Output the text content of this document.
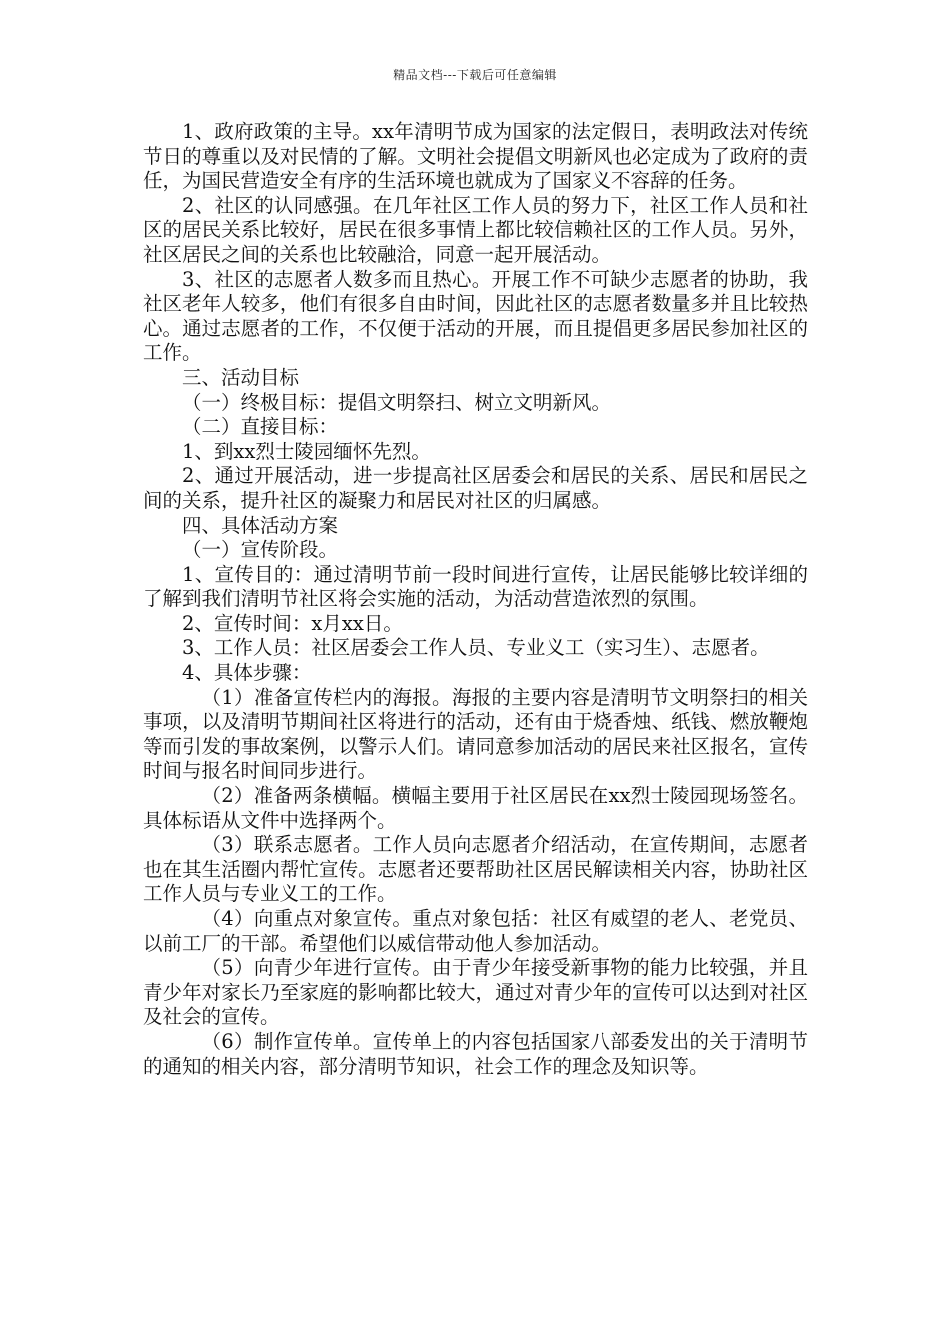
精品文档---下载后可任意编辑

1、政府政策的主导。xx年清明节成为国家的法定假日，表明政法对传统节日的尊重以及对民情的了解。文明社会提倡文明新风也必定成为了政府的责任，为国民营造安全有序的生活环境也就成为了国家义不容辞的任务。

2、社区的认同感强。在几年社区工作人员的努力下，社区工作人员和社区的居民关系比较好，居民在很多事情上都比较信赖社区的工作人员。另外，社区居民之间的关系也比较融洽，同意一起开展活动。

3、社区的志愿者人数多而且热心。开展工作不可缺少志愿者的协助，我社区老年人较多，他们有很多自由时间，因此社区的志愿者数量多并且比较热心。通过志愿者的工作，不仅便于活动的开展，而且提倡更多居民参加社区的工作。

三、活动目标

（一）终极目标：提倡文明祭扫、树立文明新风。

（二）直接目标：

1、到xx烈士陵园缅怀先烈。

2、通过开展活动，进一步提高社区居委会和居民的关系、居民和居民之间的关系，提升社区的凝聚力和居民对社区的归属感。

四、具体活动方案

（一）宣传阶段。

1、宣传目的：通过清明节前一段时间进行宣传，让居民能够比较详细的了解到我们清明节社区将会实施的活动，为活动营造浓烈的氛围。

2、宣传时间：x月xx日。

3、工作人员：社区居委会工作人员、专业义工（实习生）、志愿者。

4、具体步骤：

（1）准备宣传栏内的海报。海报的主要内容是清明节文明祭扫的相关事项，以及清明节期间社区将进行的活动，还有由于烧香烛、纸钱、燃放鞭炮等而引发的事故案例，以警示人们。请同意参加活动的居民来社区报名，宣传时间与报名时间同步进行。

（2）准备两条横幅。横幅主要用于社区居民在xx烈士陵园现场签名。具体标语从文件中选择两个。

（3）联系志愿者。工作人员向志愿者介绍活动，在宣传期间，志愿者也在其生活圈内帮忙宣传。志愿者还要帮助社区居民解读相关内容，协助社区工作人员与专业义工的工作。

（4）向重点对象宣传。重点对象包括：社区有威望的老人、老党员、以前工厂的干部。希望他们以威信带动他人参加活动。

（5）向青少年进行宣传。由于青少年接受新事物的能力比较强，并且青少年对家长乃至家庭的影响都比较大，通过对青少年的宣传可以达到对社区及社会的宣传。

（6）制作宣传单。宣传单上的内容包括国家八部委发出的关于清明节的通知的相关内容，部分清明节知识，社会工作的理念及知识等。
